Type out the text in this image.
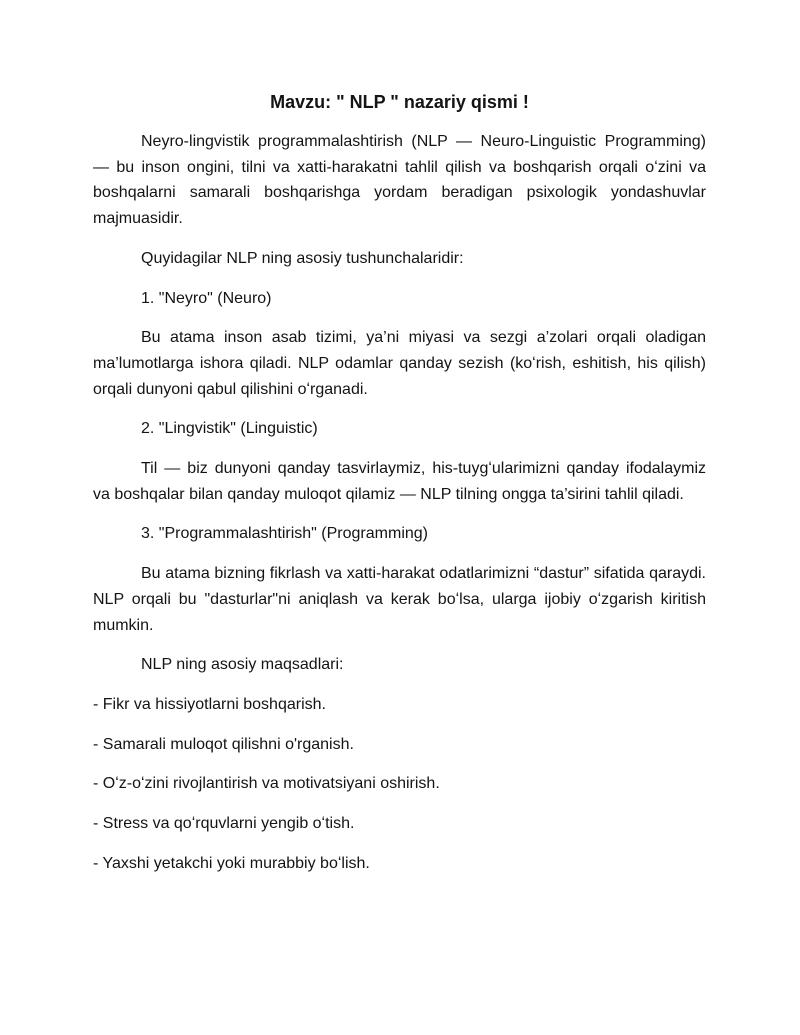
Mavzu: " NLP " nazariy qismi !

Neyro-lingvistik programmalashtirish (NLP — Neuro-Linguistic Programming) — bu inson ongini, tilni va xatti-harakatni tahlil qilish va boshqarish orqali oʻzini va boshqalarni samarali boshqarishga yordam beradigan psixologik yondashuvlar majmuasidir.

Quyidagilar NLP ning asosiy tushunchalaridir:

1. "Neyro" (Neuro)

Bu atama inson asab tizimi, ya’ni miyasi va sezgi a’zolari orqali oladigan ma’lumotlarga ishora qiladi. NLP odamlar qanday sezish (koʻrish, eshitish, his qilish) orqali dunyoni qabul qilishini oʻrganadi.

2. "Lingvistik" (Linguistic)

Til — biz dunyoni qanday tasvirlaymiz, his-tuygʻularimizni qanday ifodalaymiz va boshqalar bilan qanday muloqot qilamiz — NLP tilning ongga ta’sirini tahlil qiladi.

3. "Programmalashtirish" (Programming)

Bu atama bizning fikrlash va xatti-harakat odatlarimizni “dastur” sifatida qaraydi. NLP orqali bu "dasturlar"ni aniqlash va kerak boʻlsa, ularga ijobiy oʻzgarish kiritish mumkin.

NLP ning asosiy maqsadlari:

- Fikr va hissiyotlarni boshqarish.
- Samarali muloqot qilishni o'rganish.
- Oʻz-oʻzini rivojlantirish va motivatsiyani oshirish.
- Stress va qoʻrquvlarni yengib oʻtish.
- Yaxshi yetakchi yoki murabbiy boʻlish.
